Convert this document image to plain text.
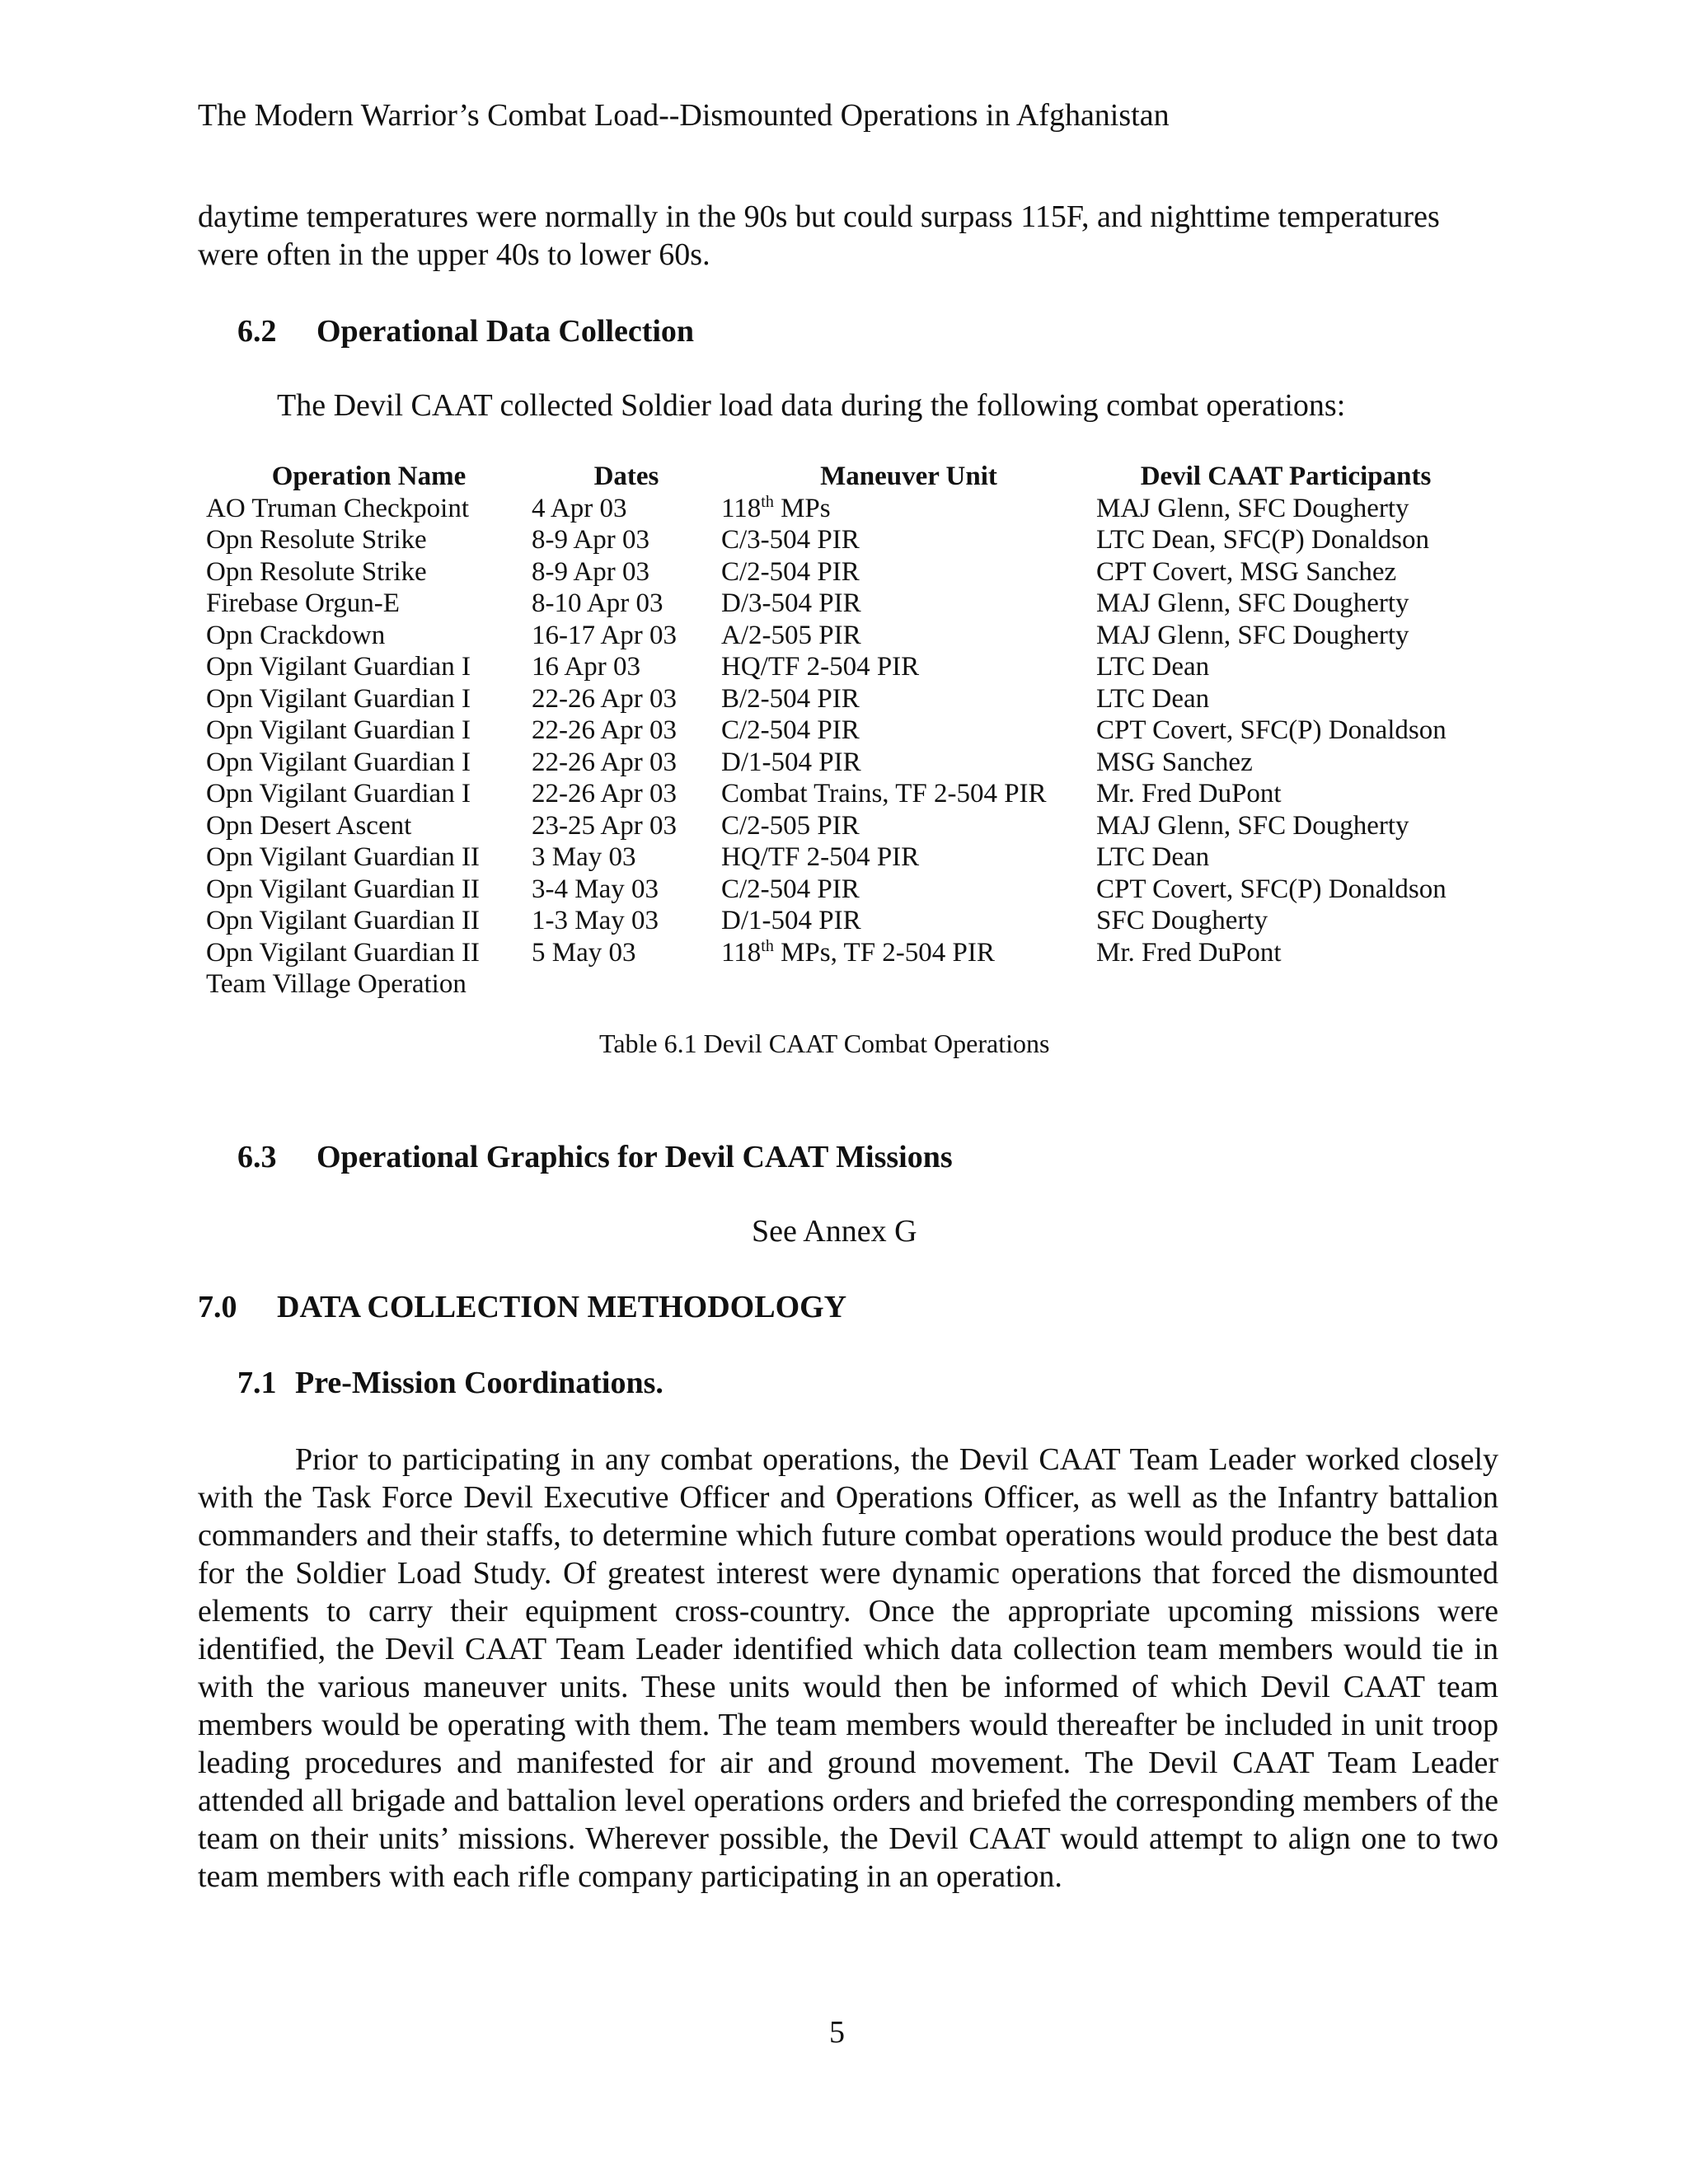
The Modern Warrior’s Combat Load--Dismounted Operations in Afghanistan

daytime temperatures were normally in the 90s but could surpass 115F, and nighttime temperatures were often in the upper 40s to lower 60s.

6.2 Operational Data Collection
The Devil CAAT collected Soldier load data during the following combat operations:
Operation Name	Dates	Maneuver Unit	Devil CAAT Participants
AO Truman Checkpoint	4 Apr 03	118th MPs	MAJ Glenn, SFC Dougherty
Opn Resolute Strike	8-9 Apr 03	C/3-504 PIR	LTC Dean, SFC(P) Donaldson
Opn Resolute Strike	8-9 Apr 03	C/2-504 PIR	CPT Covert, MSG Sanchez
Firebase Orgun-E	8-10 Apr 03	D/3-504 PIR	MAJ Glenn, SFC Dougherty
Opn Crackdown	16-17 Apr 03	A/2-505 PIR	MAJ Glenn, SFC Dougherty
Opn Vigilant Guardian I	16 Apr 03	HQ/TF 2-504 PIR	LTC Dean
Opn Vigilant Guardian I	22-26 Apr 03	B/2-504 PIR	LTC Dean
Opn Vigilant Guardian I	22-26 Apr 03	C/2-504 PIR	CPT Covert, SFC(P) Donaldson
Opn Vigilant Guardian I	22-26 Apr 03	D/1-504 PIR	MSG Sanchez
Opn Vigilant Guardian I	22-26 Apr 03	Combat Trains, TF 2-504 PIR	Mr. Fred DuPont
Opn Desert Ascent	23-25 Apr 03	C/2-505 PIR	MAJ Glenn, SFC Dougherty
Opn Vigilant Guardian II	3 May 03	HQ/TF 2-504 PIR	LTC Dean
Opn Vigilant Guardian II	3-4 May 03	C/2-504 PIR	CPT Covert, SFC(P) Donaldson
Opn Vigilant Guardian II	1-3 May 03	D/1-504 PIR	SFC Dougherty
Opn Vigilant Guardian II	5 May 03	118th MPs, TF 2-504 PIR	Mr. Fred DuPont
Team Village Operation			
Table 6.1 Devil CAAT Combat Operations
6.3 Operational Graphics for Devil CAAT Missions
See Annex G
7.0 DATA COLLECTION METHODOLOGY
7.1 Pre-Mission Coordinations.

Prior to participating in any combat operations, the Devil CAAT Team Leader worked closely with the Task Force Devil Executive Officer and Operations Officer, as well as the Infantry battalion commanders and their staffs, to determine which future combat operations would produce the best data for the Soldier Load Study. Of greatest interest were dynamic operations that forced the dismounted elements to carry their equipment cross-country. Once the appropriate upcoming missions were identified, the Devil CAAT Team Leader identified which data collection team members would tie in with the various maneuver units. These units would then be informed of which Devil CAAT team members would be operating with them. The team members would thereafter be included in unit troop leading procedures and manifested for air and ground movement. The Devil CAAT Team Leader attended all brigade and battalion level operations orders and briefed the corresponding members of the team on their units’ missions. Wherever possible, the Devil CAAT would attempt to align one to two team members with each rifle company participating in an operation.

5
